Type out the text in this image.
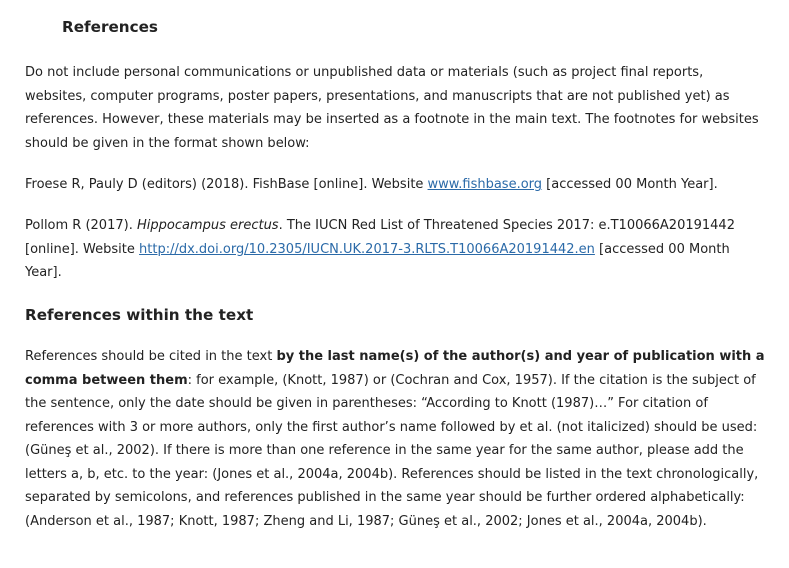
References

Do not include personal communications or unpublished data or materials (such as project final reports, websites, computer programs, poster papers, presentations, and manuscripts that are not published yet) as references. However, these materials may be inserted as a footnote in the main text. The footnotes for websites should be given in the format shown below:

Froese R, Pauly D (editors) (2018). FishBase [online]. Website www.fishbase.org [accessed 00 Month Year].

Pollom R (2017). Hippocampus erectus. The IUCN Red List of Threatened Species 2017: e.T10066A20191442 [online]. Website http://dx.doi.org/10.2305/IUCN.UK.2017-3.RLTS.T10066A20191442.en [accessed 00 Month Year].

References within the text

References should be cited in the text by the last name(s) of the author(s) and year of publication with a comma between them: for example, (Knott, 1987) or (Cochran and Cox, 1957). If the citation is the subject of the sentence, only the date should be given in parentheses: “According to Knott (1987)…” For citation of references with 3 or more authors, only the first author’s name followed by et al. (not italicized) should be used: (Güneş et al., 2002). If there is more than one reference in the same year for the same author, please add the letters a, b, etc. to the year: (Jones et al., 2004a, 2004b). References should be listed in the text chronologically, separated by semicolons, and references published in the same year should be further ordered alphabetically: (Anderson et al., 1987; Knott, 1987; Zheng and Li, 1987; Güneş et al., 2002; Jones et al., 2004a, 2004b).
